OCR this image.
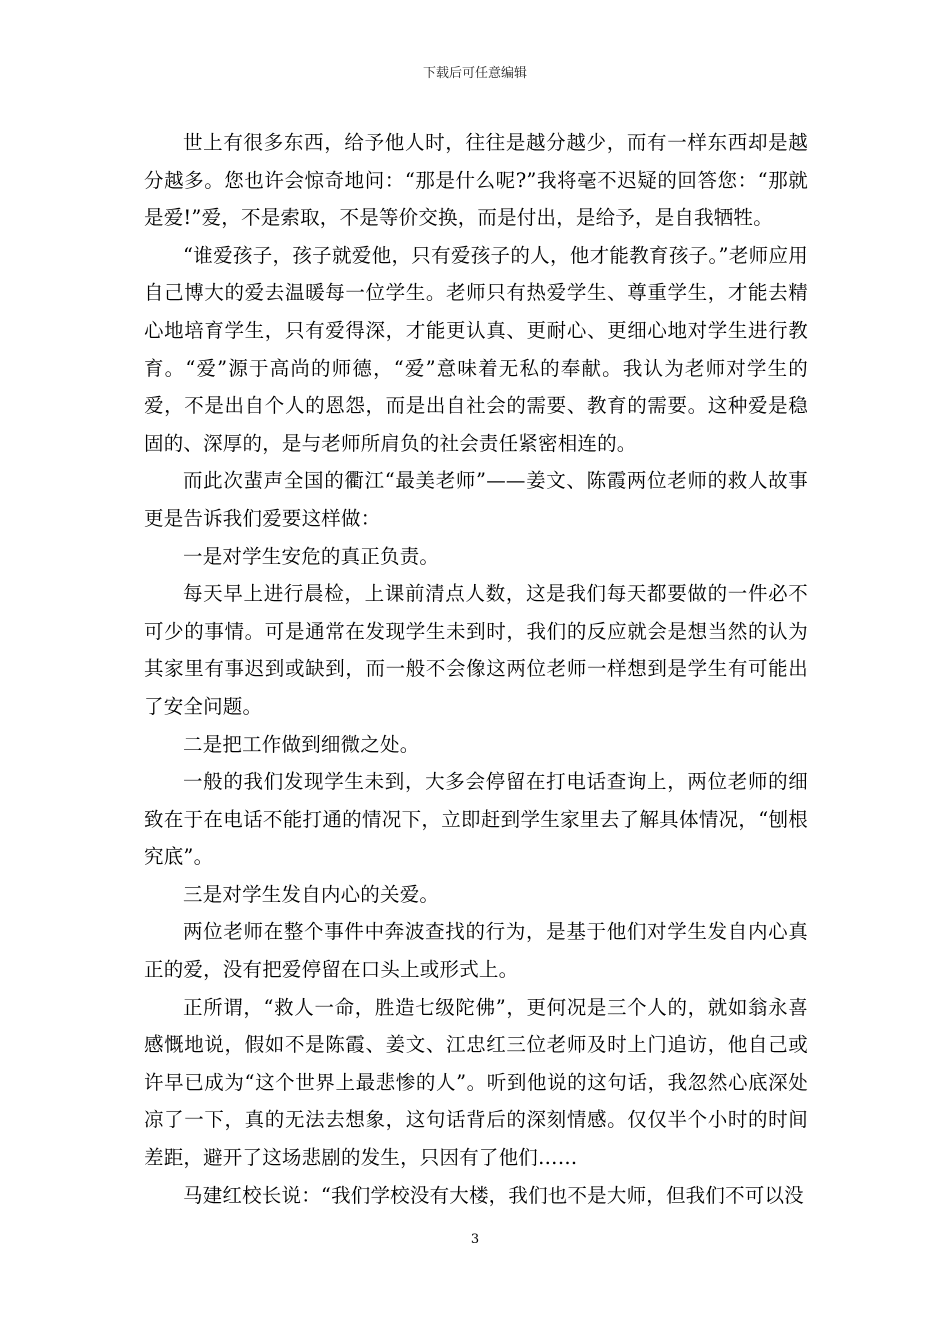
下载后可任意编辑

世上有很多东西，给予他人时，往往是越分越少，而有一样东西却是越分越多。您也许会惊奇地问：“那是什么呢?”我将毫不迟疑的回答您：“那就是爱!”爱，不是索取，不是等价交换，而是付出，是给予，是自我牺牲。

“谁爱孩子，孩子就爱他，只有爱孩子的人，他才能教育孩子。”老师应用自己博大的爱去温暖每一位学生。老师只有热爱学生、尊重学生，才能去精心地培育学生，只有爱得深，才能更认真、更耐心、更细心地对学生进行教育。“爱”源于高尚的师德，“爱”意味着无私的奉献。我认为老师对学生的爱，不是出自个人的恩怨，而是出自社会的需要、教育的需要。这种爱是稳固的、深厚的，是与老师所肩负的社会责任紧密相连的。

而此次蜚声全国的衢江“最美老师”——姜文、陈霞两位老师的救人故事更是告诉我们爱要这样做：

一是对学生安危的真正负责。

每天早上进行晨检，上课前清点人数，这是我们每天都要做的一件必不可少的事情。可是通常在发现学生未到时，我们的反应就会是想当然的认为其家里有事迟到或缺到，而一般不会像这两位老师一样想到是学生有可能出了安全问题。

二是把工作做到细微之处。

一般的我们发现学生未到，大多会停留在打电话查询上，两位老师的细致在于在电话不能打通的情况下，立即赶到学生家里去了解具体情况，“刨根究底”。

三是对学生发自内心的关爱。

两位老师在整个事件中奔波查找的行为，是基于他们对学生发自内心真正的爱，没有把爱停留在口头上或形式上。

正所谓，“救人一命，胜造七级陀佛”，更何况是三个人的，就如翁永喜感慨地说，假如不是陈霞、姜文、江忠红三位老师及时上门追访，他自己或许早已成为“这个世界上最悲惨的人”。听到他说的这句话，我忽然心底深处凉了一下，真的无法去想象，这句话背后的深刻情感。仅仅半个小时的时间差距，避开了这场悲剧的发生，只因有了他们……

马建红校长说：“我们学校没有大楼，我们也不是大师，但我们不可以没

3
